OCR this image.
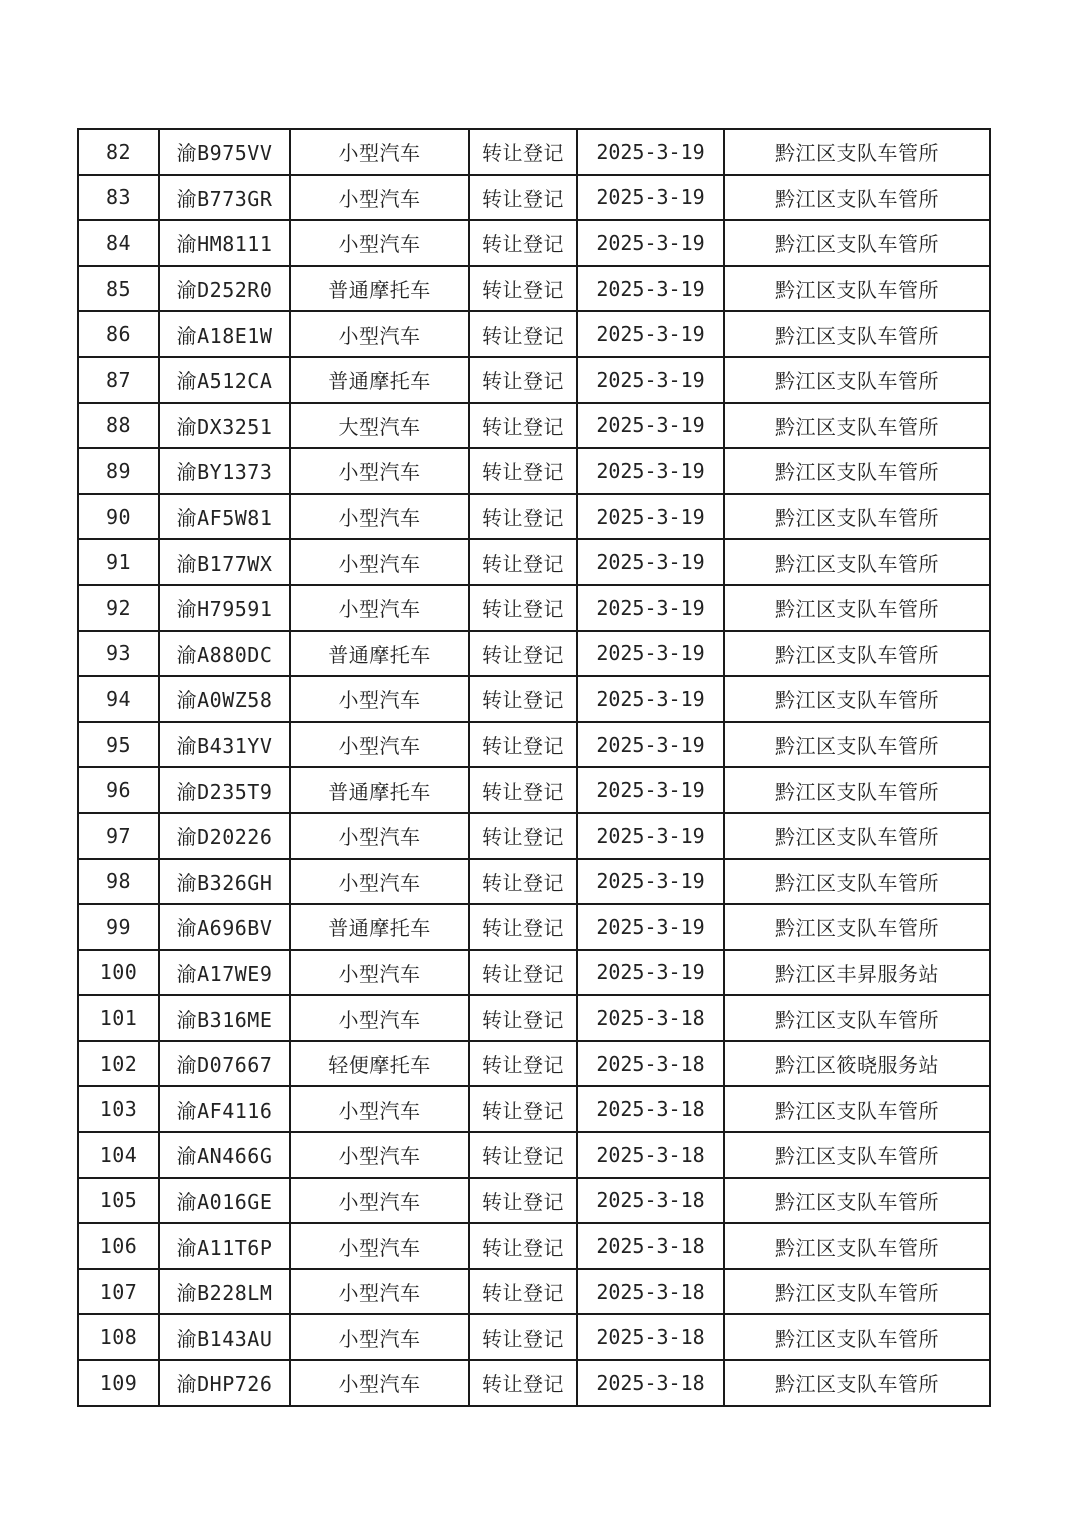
82	渝B975VV	小型汽车	转让登记	2025-3-19	黔江区支队车管所
83	渝B773GR	小型汽车	转让登记	2025-3-19	黔江区支队车管所
84	渝HM8111	小型汽车	转让登记	2025-3-19	黔江区支队车管所
85	渝D252R0	普通摩托车	转让登记	2025-3-19	黔江区支队车管所
86	渝A18E1W	小型汽车	转让登记	2025-3-19	黔江区支队车管所
87	渝A512CA	普通摩托车	转让登记	2025-3-19	黔江区支队车管所
88	渝DX3251	大型汽车	转让登记	2025-3-19	黔江区支队车管所
89	渝BY1373	小型汽车	转让登记	2025-3-19	黔江区支队车管所
90	渝AF5W81	小型汽车	转让登记	2025-3-19	黔江区支队车管所
91	渝B177WX	小型汽车	转让登记	2025-3-19	黔江区支队车管所
92	渝H79591	小型汽车	转让登记	2025-3-19	黔江区支队车管所
93	渝A880DC	普通摩托车	转让登记	2025-3-19	黔江区支队车管所
94	渝A0WZ58	小型汽车	转让登记	2025-3-19	黔江区支队车管所
95	渝B431YV	小型汽车	转让登记	2025-3-19	黔江区支队车管所
96	渝D235T9	普通摩托车	转让登记	2025-3-19	黔江区支队车管所
97	渝D20226	小型汽车	转让登记	2025-3-19	黔江区支队车管所
98	渝B326GH	小型汽车	转让登记	2025-3-19	黔江区支队车管所
99	渝A696BV	普通摩托车	转让登记	2025-3-19	黔江区支队车管所
100	渝A17WE9	小型汽车	转让登记	2025-3-19	黔江区丰昇服务站
101	渝B316ME	小型汽车	转让登记	2025-3-18	黔江区支队车管所
102	渝D07667	轻便摩托车	转让登记	2025-3-18	黔江区筱晓服务站
103	渝AF4116	小型汽车	转让登记	2025-3-18	黔江区支队车管所
104	渝AN466G	小型汽车	转让登记	2025-3-18	黔江区支队车管所
105	渝A016GE	小型汽车	转让登记	2025-3-18	黔江区支队车管所
106	渝A11T6P	小型汽车	转让登记	2025-3-18	黔江区支队车管所
107	渝B228LM	小型汽车	转让登记	2025-3-18	黔江区支队车管所
108	渝B143AU	小型汽车	转让登记	2025-3-18	黔江区支队车管所
109	渝DHP726	小型汽车	转让登记	2025-3-18	黔江区支队车管所
